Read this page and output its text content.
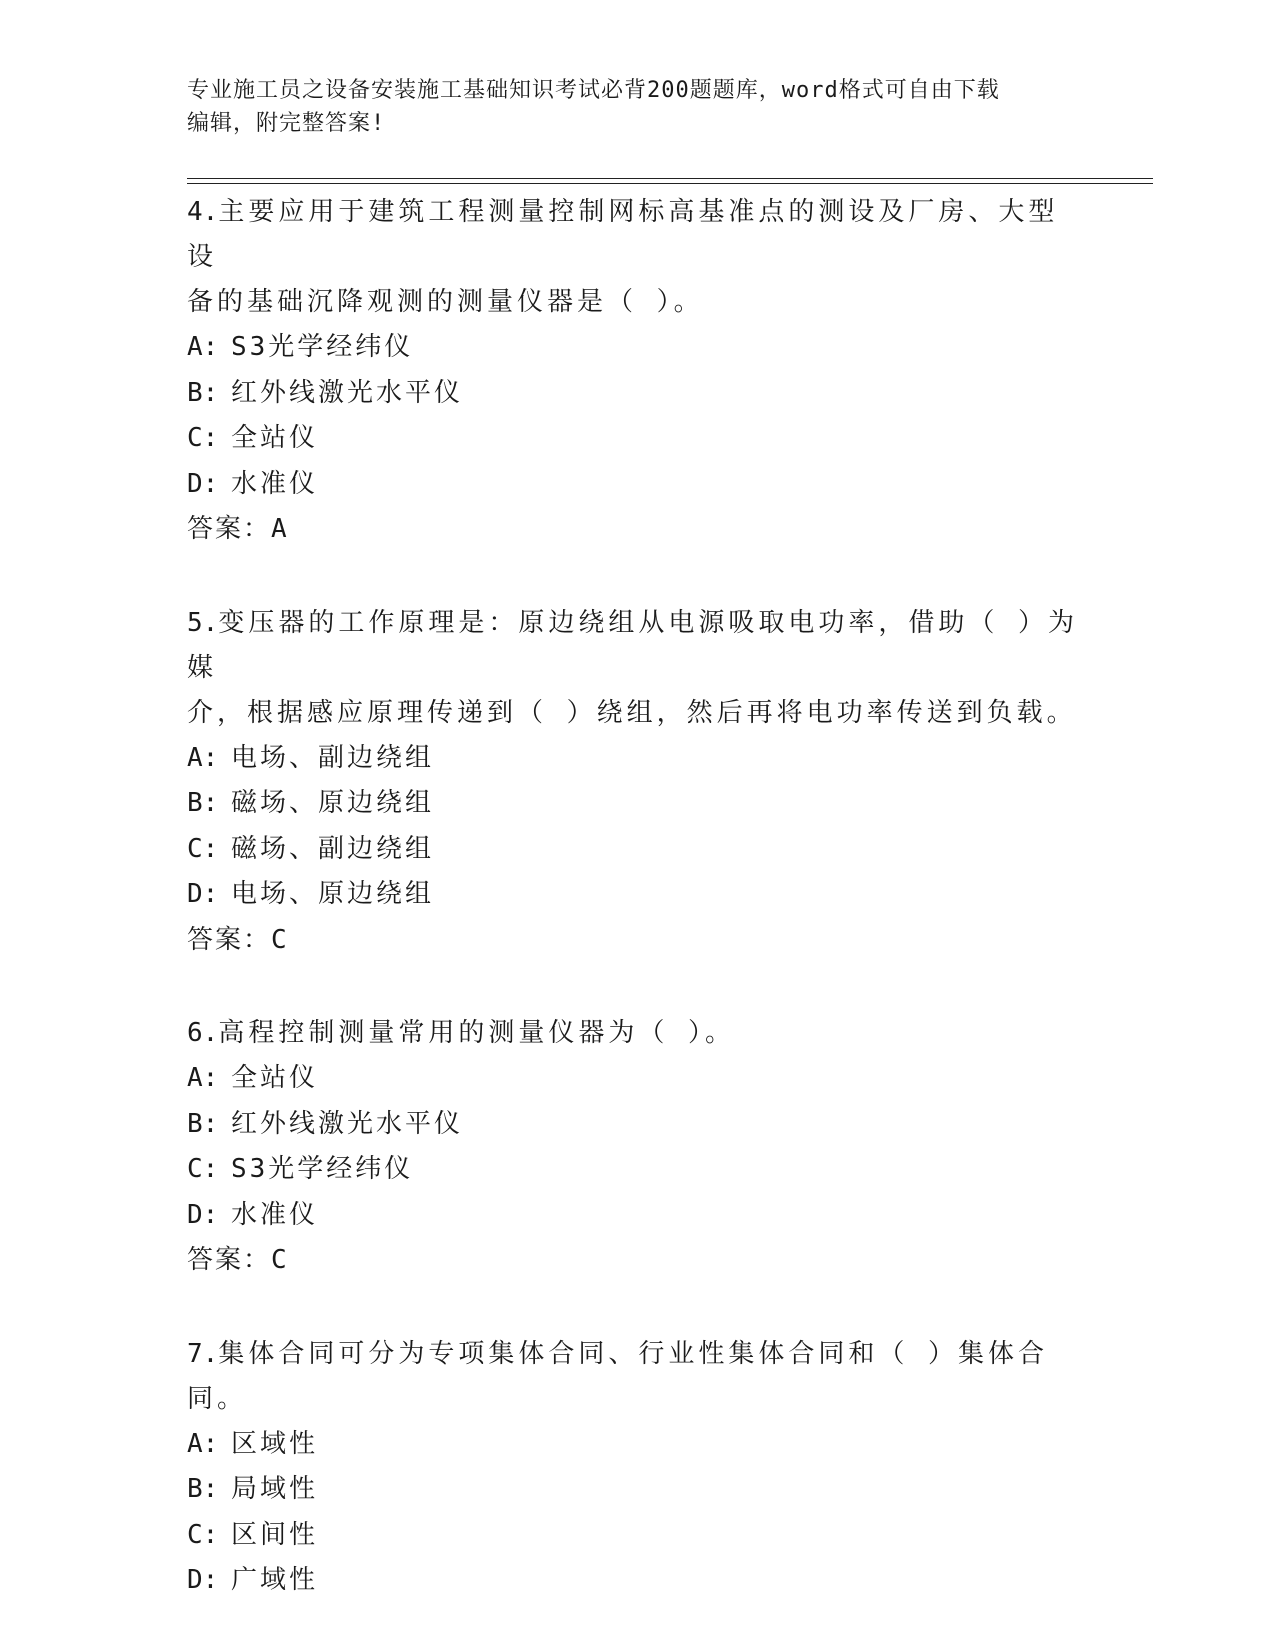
专业施工员之设备安装施工基础知识考试必背200题题库，word格式可自由下载
编辑，附完整答案!

4.主要应用于建筑工程测量控制网标高基准点的测设及厂房、大型设

备的基础沉降观测的测量仪器是（ ）。

A: S3光学经纬仪

B: 红外线激光水平仪

C: 全站仪

D: 水准仪

答案：A

5.变压器的工作原理是：原边绕组从电源吸取电功率，借助（ ）为媒

介，根据感应原理传递到（ ）绕组，然后再将电功率传送到负载。

A: 电场、副边绕组

B: 磁场、原边绕组

C: 磁场、副边绕组

D: 电场、原边绕组

答案：C

6.高程控制测量常用的测量仪器为（ ）。

A: 全站仪

B: 红外线激光水平仪

C: S3光学经纬仪

D: 水准仪

答案：C

7.集体合同可分为专项集体合同、行业性集体合同和（ ）集体合同。

A: 区域性

B: 局域性

C: 区间性

D: 广域性
